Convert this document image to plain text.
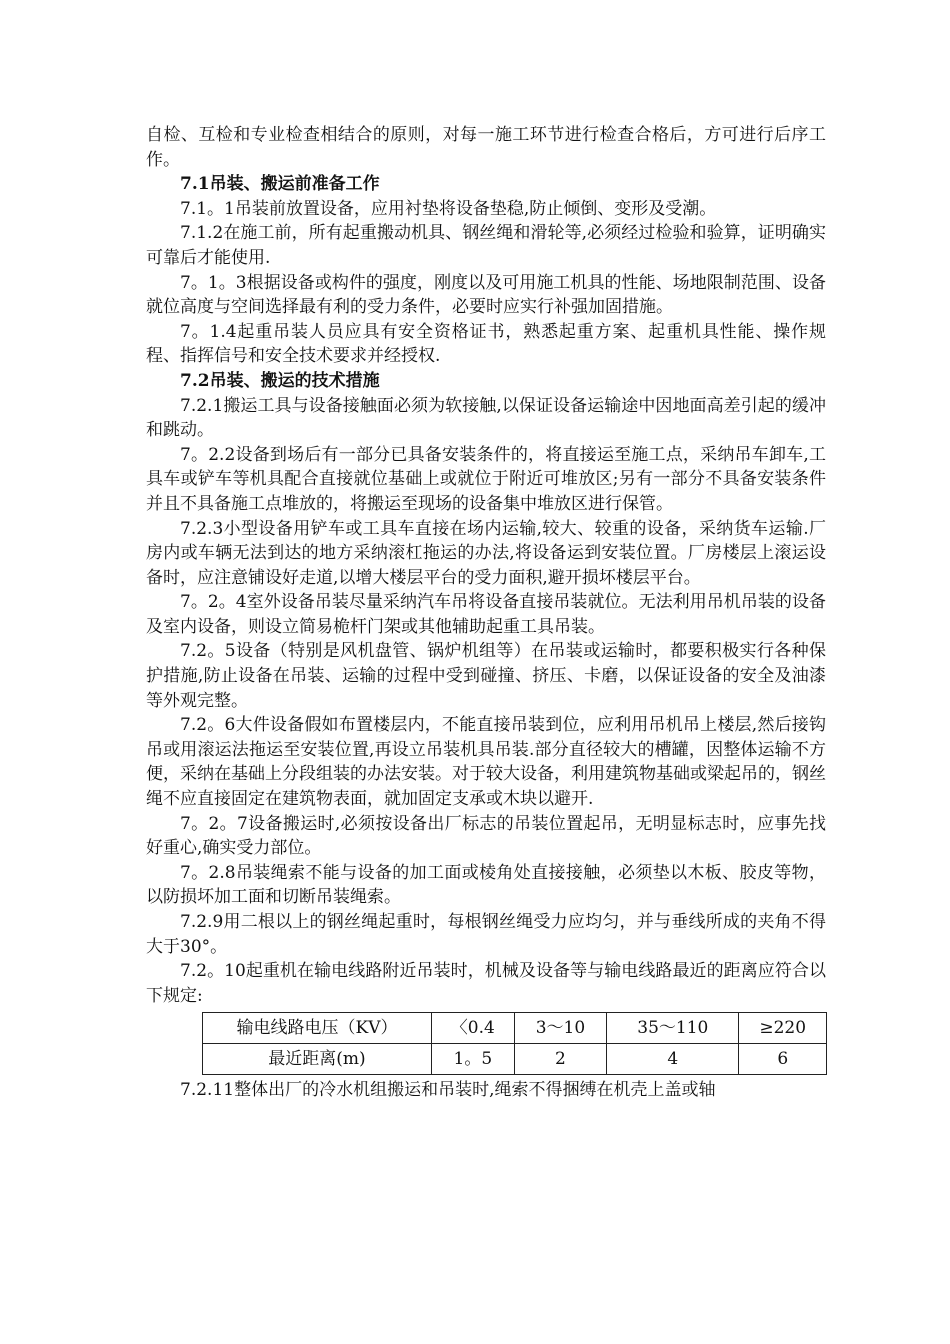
自检、互检和专业检查相结合的原则，对每一施工环节进行检查合格后，方可进行后序工作。

7.1吊装、搬运前准备工作

7.1。1吊装前放置设备，应用衬垫将设备垫稳,防止倾倒、变形及受潮。

7.1.2在施工前，所有起重搬动机具、钢丝绳和滑轮等,必须经过检验和验算，证明确实可靠后才能使用.

7。1。3根据设备或构件的强度，刚度以及可用施工机具的性能、场地限制范围、设备就位高度与空间选择最有利的受力条件，必要时应实行补强加固措施。

7。1.4起重吊装人员应具有安全资格证书，熟悉起重方案、起重机具性能、操作规程、指挥信号和安全技术要求并经授权.

7.2吊装、搬运的技术措施

7.2.1搬运工具与设备接触面必须为软接触,以保证设备运输途中因地面高差引起的缓冲和跳动。

7。2.2设备到场后有一部分已具备安装条件的，将直接运至施工点，采纳吊车卸车,工具车或铲车等机具配合直接就位基础上或就位于附近可堆放区;另有一部分不具备安装条件并且不具备施工点堆放的，将搬运至现场的设备集中堆放区进行保管。

7.2.3小型设备用铲车或工具车直接在场内运输,较大、较重的设备，采纳货车运输.厂房内或车辆无法到达的地方采纳滚杠拖运的办法,将设备运到安装位置。厂房楼层上滚运设备时，应注意铺设好走道,以增大楼层平台的受力面积,避开损坏楼层平台。

7。2。4室外设备吊装尽量采纳汽车吊将设备直接吊装就位。无法利用吊机吊装的设备及室内设备，则设立简易桅杆门架或其他辅助起重工具吊装。

7.2。5设备（特别是风机盘管、锅炉机组等）在吊装或运输时，都要积极实行各种保护措施,防止设备在吊装、运输的过程中受到碰撞、挤压、卡磨，以保证设备的安全及油漆等外观完整。

7.2。6大件设备假如布置楼层内，不能直接吊装到位，应利用吊机吊上楼层,然后接钩吊或用滚运法拖运至安装位置,再设立吊装机具吊装.部分直径较大的槽罐，因整体运输不方便，采纳在基础上分段组装的办法安装。对于较大设备，利用建筑物基础或梁起吊的，钢丝绳不应直接固定在建筑物表面，就加固定支承或木块以避开.

7。2。7设备搬运时,必须按设备出厂标志的吊装位置起吊，无明显标志时，应事先找好重心,确实受力部位。

7。2.8吊装绳索不能与设备的加工面或棱角处直接接触，必须垫以木板、胶皮等物，以防损坏加工面和切断吊装绳索。

7.2.9用二根以上的钢丝绳起重时，每根钢丝绳受力应均匀，并与垂线所成的夹角不得大于30°。

7.2。10起重机在输电线路附近吊装时，机械及设备等与输电线路最近的距离应符合以下规定:

输电线路电压（KV）	〈0.4	3～10	35～110	≥220
最近距离(m)	1。5	2	4	6

7.2.11整体出厂的冷水机组搬运和吊装时,绳索不得捆缚在机壳上盖或轴
